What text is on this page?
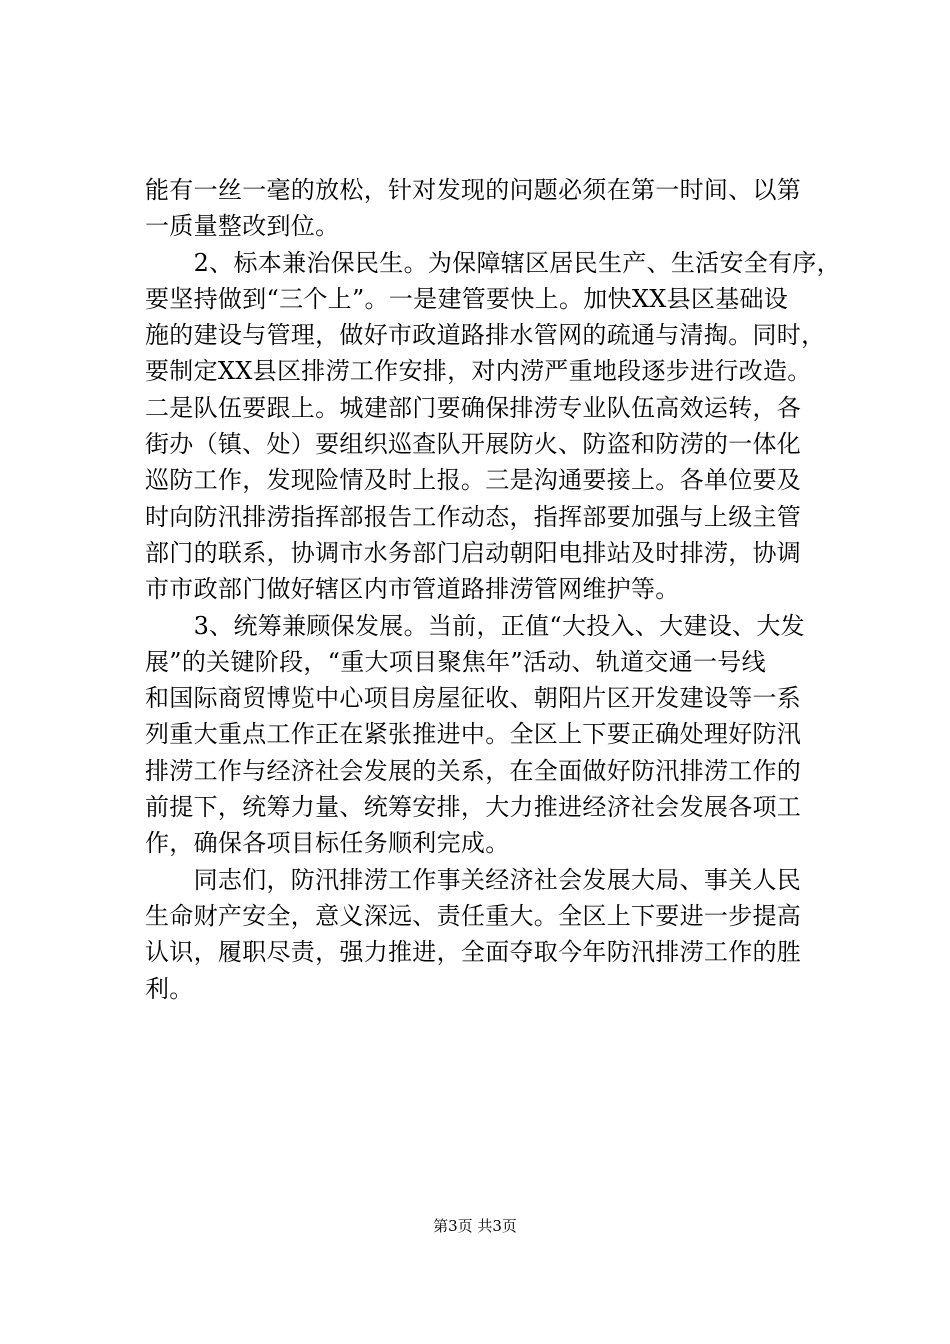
能有一丝一毫的放松，针对发现的问题必须在第一时间、以第
一质量整改到位。
　　2、标本兼治保民生。为保障辖区居民生产、生活安全有序，
要坚持做到“三个上”。一是建管要快上。加快XX县区基础设
施的建设与管理，做好市政道路排水管网的疏通与清掏。同时，
要制定XX县区排涝工作安排，对内涝严重地段逐步进行改造。
二是队伍要跟上。城建部门要确保排涝专业队伍高效运转，各
街办（镇、处）要组织巡查队开展防火、防盗和防涝的一体化
巡防工作，发现险情及时上报。三是沟通要接上。各单位要及
时向防汛排涝指挥部报告工作动态，指挥部要加强与上级主管
部门的联系，协调市水务部门启动朝阳电排站及时排涝，协调
市市政部门做好辖区内市管道路排涝管网维护等。
　　3、统筹兼顾保发展。当前，正值“大投入、大建设、大发
展”的关键阶段，“重大项目聚焦年”活动、轨道交通一号线
和国际商贸博览中心项目房屋征收、朝阳片区开发建设等一系
列重大重点工作正在紧张推进中。全区上下要正确处理好防汛
排涝工作与经济社会发展的关系，在全面做好防汛排涝工作的
前提下，统筹力量、统筹安排，大力推进经济社会发展各项工
作，确保各项目标任务顺利完成。
　　同志们，防汛排涝工作事关经济社会发展大局、事关人民
生命财产安全，意义深远、责任重大。全区上下要进一步提高
认识，履职尽责，强力推进，全面夺取今年防汛排涝工作的胜
利。
第3页 共3页
